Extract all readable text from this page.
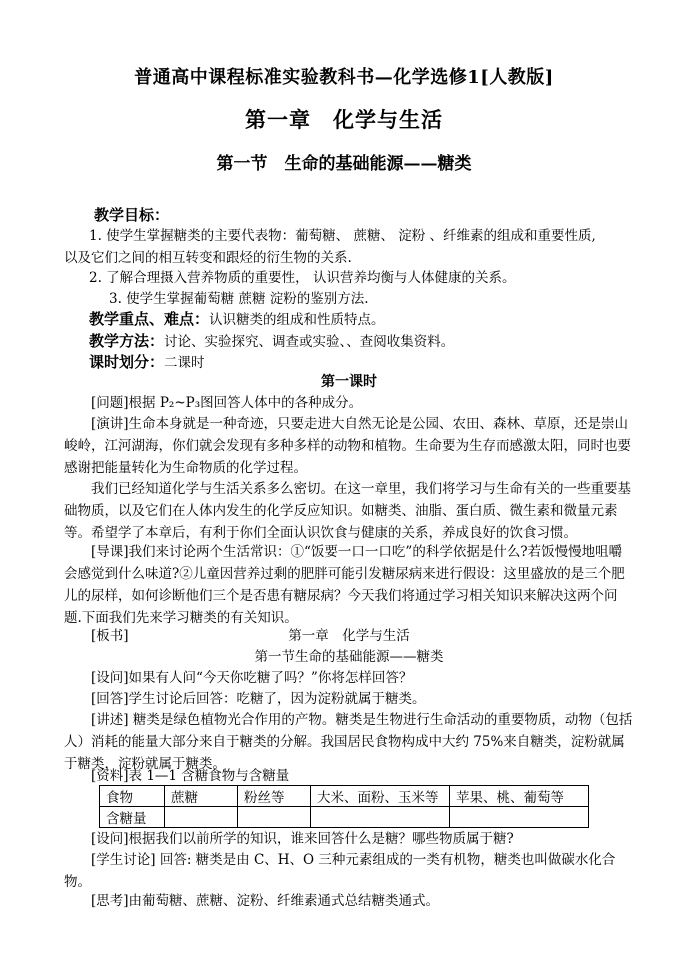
普通高中课程标准实验教科书—化学选修1[人教版]
第一章　化学与生活
第一节　生命的基础能源——糖类
教学目标：
1. 使学生掌握糖类的主要代表物：葡萄糖、 蔗糖、 淀粉 、纤维素的组成和重要性质,
以及它们之间的相互转变和跟烃的衍生物的关系.
2. 了解合理摄入营养物质的重要性， 认识营养均衡与人体健康的关系。
3. 使学生掌握葡萄糖 蔗糖 淀粉的鉴别方法.
教学重点、难点：认识糖类的组成和性质特点。
教学方法：讨论、实验探究、调查或实验、、查阅收集资料。
课时划分：二课时
第一课时
[问题]根据 P₂~P₃图回答人体中的各种成分。
[演讲]生命本身就是一种奇迹，只要走进大自然无论是公园、农田、森林、草原，还是崇山峻岭，江河湖海，你们就会发现有多种多样的动物和植物。生命要为生存而感激太阳，同时也要感谢把能量转化为生命物质的化学过程。
我们已经知道化学与生活关系多么密切。在这一章里，我们将学习与生命有关的一些重要基础物质，以及它们在人体内发生的化学反应知识。如糖类、油脂、蛋白质、微生素和微量元素等。希望学了本章后，有利于你们全面认识饮食与健康的关系，养成良好的饮食习惯。
[导课]我们来讨论两个生活常识：①“饭要一口一口吃”的科学依据是什么?若饭慢慢地咀嚼会感觉到什么味道?②儿童因营养过剩的肥胖可能引发糖尿病来进行假设：这里盛放的是三个肥儿的尿样，如何诊断他们三个是否患有糖尿病？今天我们将通过学习相关知识来解决这两个问题.下面我们先来学习糖类的有关知识。
[板书]	第一章　化学与生活
第一节生命的基础能源——糖类
[设问]如果有人问“今天你吃糖了吗？”你将怎样回答？
[回答]学生讨论后回答：吃糖了，因为淀粉就属于糖类。
[讲述] 糖类是绿色植物光合作用的产物。糖类是生物进行生命活动的重要物质，动物（包括人）消耗的能量大部分来自于糖类的分解。我国居民食物构成中大约 75%来自糖类，淀粉就属于糖类，淀粉就属于糖类。
[资料]表 1—1 含糖食物与含糖量
食物	蔗糖	粉丝等	大米、面粉、玉米等	苹果、桃、葡萄等
含糖量				
[设问]根据我们以前所学的知识，谁来回答什么是糖？哪些物质属于糖?
[学生讨论] 回答: 糖类是由 C、H、O 三种元素组成的一类有机物，糖类也叫做碳水化合物。
[思考]由葡萄糖、蔗糖、淀粉、纤维素通式总结糖类通式。
